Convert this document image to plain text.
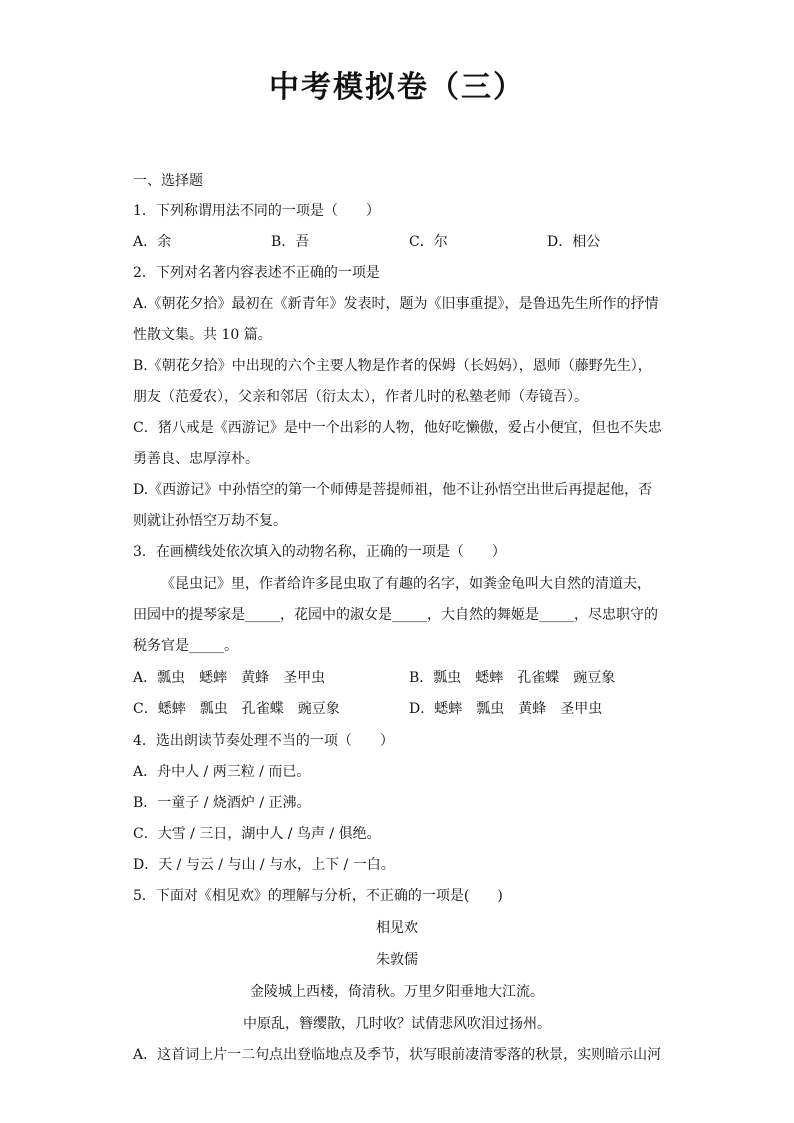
中考模拟卷（三）
一、选择题
1．下列称谓用法不同的一项是（　　）
A．余	B．吾	C．尔	D．相公
2．下列对名著内容表述不正确的一项是
A.《朝花夕拾》最初在《新青年》发表时，题为《旧事重提》，是鲁迅先生所作的抒情
性散文集。共 10 篇。
B.《朝花夕拾》中出现的六个主要人物是作者的保姆（长妈妈），恩师（藤野先生），
朋友（范爱农），父亲和邻居（衍太太），作者儿时的私塾老师（寿镜吾）。
C．猪八戒是《西游记》是中一个出彩的人物，他好吃懒傲，爱占小便宜，但也不失忠
勇善良、忠厚淳朴。
D.《西游记》中孙悟空的第一个师傅是菩提师祖，他不让孙悟空出世后再提起他，否
则就让孙悟空万劫不复。
3．在画横线处依次填入的动物名称，正确的一项是（　　）
《昆虫记》里，作者给许多昆虫取了有趣的名字，如粪金龟叫大自然的清道夫，
田园中的提琴家是_____，花园中的淑女是_____，大自然的舞姬是_____，尽忠职守的
税务官是_____。
A．瓢虫　蟋蟀　黄蜂　圣甲虫	B．瓢虫　蟋蟀　孔雀蝶　豌豆象
C．蟋蟀　瓢虫　孔雀蝶　豌豆象	D．蟋蟀　瓢虫　黄蜂　圣甲虫
4．选出朗读节奏处理不当的一项（　　）
A．舟中人 / 两三粒 / 而已。
B．一童子 / 烧酒炉 / 正沸。
C．大雪 / 三日，湖中人 / 鸟声 / 俱绝。
D．天 / 与云 / 与山 / 与水，上下 / 一白。
5．下面对《相见欢》的理解与分析，不正确的一项是(　　)
相见欢
朱敦儒
金陵城上西楼，倚清秋。万里夕阳垂地大江流。
中原乱，簪缨散，几时收？试倩悲风吹泪过扬州。
A．这首词上片一二句点出登临地点及季节，状写眼前凄清零落的秋景，实则暗示山河
